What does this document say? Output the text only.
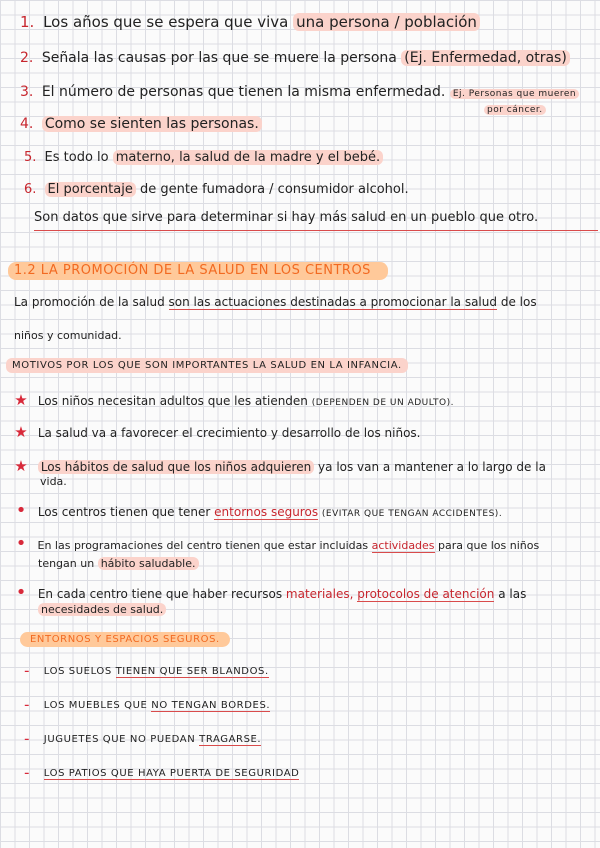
1. Los años que se espera que viva una persona / población
2. Señala las causas por las que se muere la persona (Ej. Enfermedad, otras)
3. El número de personas que tienen la misma enfermedad. Ej. Personas que mueren
por cáncer.
4. Como se sienten las personas.
5. Es todo lo materno, la salud de la madre y el bebé.
6. El porcentaje de gente fumadora / consumidor alcohol.
Son datos que sirve para determinar si hay más salud en un pueblo que otro.
1.2 LA PROMOCIÓN DE LA SALUD EN LOS CENTROS
La promoción de la salud son las actuaciones destinadas a promocionar la salud de los
niños y comunidad.
MOTIVOS POR LOS QUE SON IMPORTANTES LA SALUD EN LA INFANCIA.
★ Los niños necesitan adultos que les atienden (DEPENDEN DE UN ADULTO).
★ La salud va a favorecer el crecimiento y desarrollo de los niños.
★ Los hábitos de salud que los niños adquieren ya los van a mantener a lo largo de la
vida.
• Los centros tienen que tener entornos seguros (EVITAR QUE TENGAN ACCIDENTES).
• En las programaciones del centro tienen que estar incluidas actividades para que los niños
tengan un hábito saludable.
• En cada centro tiene que haber recursos materiales, protocolos de atención a las
necesidades de salud.
ENTORNOS Y ESPACIOS SEGUROS.
– LOS SUELOS TIENEN QUE SER BLANDOS.
– LOS MUEBLES QUE NO TENGAN BORDES.
– JUGUETES QUE NO PUEDAN TRAGARSE.
– LOS PATIOS QUE HAYA PUERTA DE SEGURIDAD
